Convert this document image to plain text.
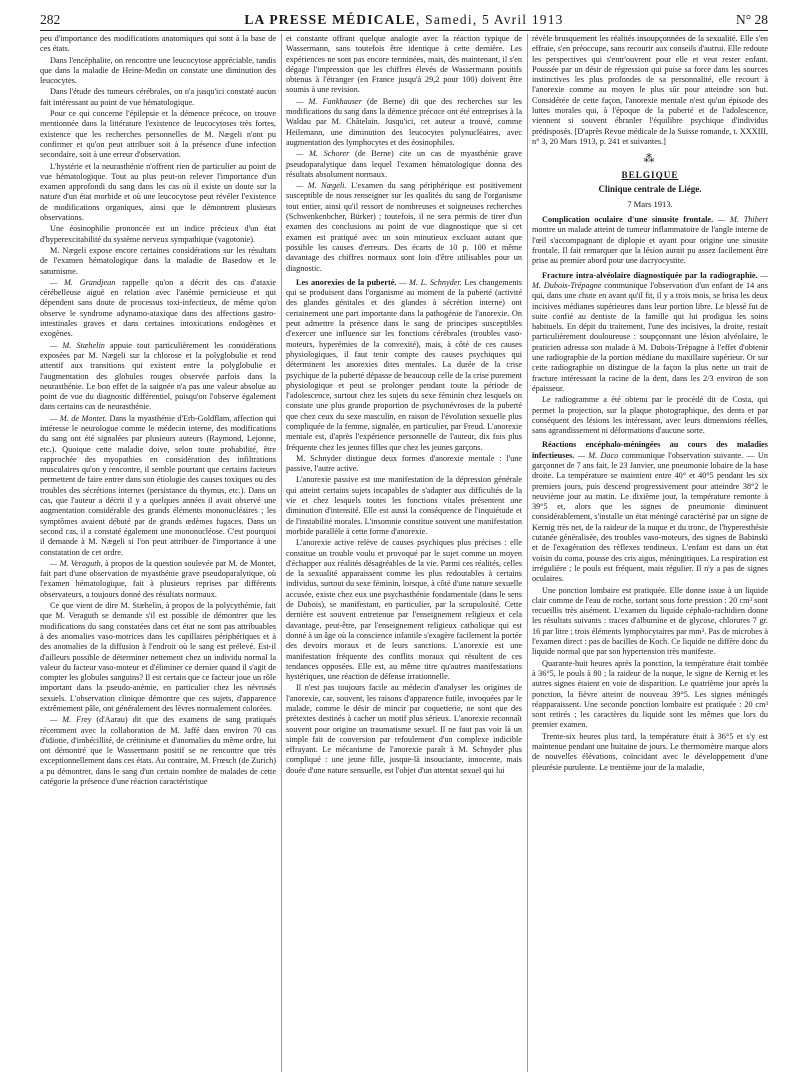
282	LA PRESSE MÉDICALE, Samedi, 5 Avril 1913	N° 28

peu d'importance des modifications anatomiques qui sont à la base de ces états.

Dans l'encéphalite, on rencontre une leucocytose appréciable, tandis que dans la maladie de Heine-Medin on constate une diminution des leucocytes.

Dans l'étude des tumeurs cérébrales, on n'a jusqu'ici constaté aucun fait intéressant au point de vue hématologique.

Pour ce qui concerne l'épilepsie et la démence précoce, on trouve mentionnée dans la littérature l'existence de leucocytoses très fortes, existence que les recherches personnelles de M. Nægeli n'ont pu confirmer et qu'on peut attribuer soit à la présence d'une infection secondaire, soit à une erreur d'observation.

L'hystérie et la neurasthénie n'offrent rien de particulier au point de vue hématologique. Tout au plus peut-on relever l'importance d'un examen approfondi du sang dans les cas où il existe un doute sur la nature d'un état morbide et où une leucocytose peut révéler l'existence de modifications organiques, ainsi que le démontrent plusieurs observations.

Une éosinophilie prononcée est un indice précieux d'un état d'hyperexcitabilité du système nerveux sympathique (vagotonie).

M. Nægeli expose encore certaines considérations sur les résultats de l'examen hématologique dans la maladie de Basedow et le saturnisme.

— M. Grandjean rappelle qu'on a décrit des cas d'ataxie cérébelleuse aiguë en relation avec l'anémie pernicieuse et qui dépendent sans doute de processus toxi-infectieux, de même qu'on observe le syndrome adynamo-ataxique dans des affections gastro-intestinales graves et dans certaines intoxications endogènes et exogènes.

— M. Stæhelin appuie tout particulièrement les considérations exposées par M. Nægeli sur la chlorose et la polyglobulie et rend attentif aux transitions qui existent entre la polyglobulie et l'augmentation des globules rouges observée parfois dans la neurasthénie. Le bon effet de la saignée n'a pas une valeur absolue au point de vue du diagnostic différentiel, puisqu'on l'observe également dans certains cas de neurasthénie.

— M. de Montet. Dans la myasthénie d'Erb-Goldflam, affection qui intéresse le neurologue comme le médecin interne, des modifications du sang ont été signalées par plusieurs auteurs (Raymond, Lejonne, etc.). Quoique cette maladie doive, selon toute probabilité, être rapprochée des myopathies en considération des infiltrations musculaires qu'on y rencontre, il semble pourtant que certains facteurs permettent de faire entrer dans son étiologie des causes toxiques ou des troubles des sécrétions internes (persistance du thymus, etc.). Dans un cas, que l'auteur a décrit il y a quelques années il avait observé une augmentation considérable des grands éléments mononucléaires ; les symptômes avaient débuté par de grands œdèmes fugaces. Dans un second cas, il a constaté également une mononucléose. C'est pourquoi il demande à M. Nægeli si l'on peut attribuer de l'importance à une constatation de cet ordre.

— M. Veraguth, à propos de la question soulevée par M. de Montet, fait part d'une observation de myasthénie grave pseudoparalytique, où l'examen hématologique, fait à plusieurs reprises par différents observateurs, a toujours donné des résultats normaux.

Ce que vient de dire M. Stæhelin, à propos de la polycythémie, fait que M. Veraguth se demande s'il est possible de démontrer que les modifications du sang constatées dans cet état ne sont pas attribuables à des anomalies vaso-motrices dans les capillaires périphériques et à des anomalies de la diffusion à l'endroit où le sang est prélevé. Est-il d'ailleurs possible de déterminer nettement chez un individu normal la valeur du facteur vaso-moteur et d'éliminer ce dernier quand il s'agit de compter les globules sanguins? Il est certain que ce facteur joue un rôle important dans la pseudo-anémie, en particulier chez les névrosés sexuels. L'observation clinique démontre que ces sujets, d'apparence extrêmement pâle, ont généralement des lèvres normalement colorées.

— M. Frey (d'Aarau) dit que des examens de sang pratiqués récemment avec la collaboration de M. Jaffé dans environ 70 cas d'idiotie, d'imbécillité, de crétinisme et d'anomalies du même ordre, lui ont démontré que le Wassermann positif se ne rencontre que très exceptionnellement dans ces états. Au contraire, M. Frœsch (de Zurich) a pu démontrer, dans le sang d'un certain nombre de malades de cette catégorie la présence d'une réaction caractéristique

et constante offrant quelque analogie avec la réaction typique de Wassermann, sans toutefois être identique à cette dernière. Les expériences ne sont pas encore terminées, mais, dès maintenant, il s'en dégage l'impression que les chiffres élevés de Wassermann positifs obtenus à l'étranger (en France jusqu'à 29,2 pour 100) doivent être soumis à une revision.

— M. Fankhauser (de Berne) dit que des recherches sur les modifications du sang dans la démence précoce ont été entreprises à la Waldau par M. Châtelain. Jusqu'ici, cet auteur a trouvé, comme Heilemann, une diminution des leucocytes polynucléaires, avec augmentation des lymphocytes et des éosinophiles.

— M. Schorer (de Berne) cite un cas de myasthénie grave pseudoparalytique dans lequel l'examen hématologique donna des résultats absolument normaux.

— M. Nægeli. L'examen du sang périphérique est positivement susceptible de nous renseigner sur les qualités du sang de l'organisme tout entier, ainsi qu'il ressort de nombreuses et soigneuses recherches (Schwenkenbcher, Bürker) ; toutefois, il ne sera permis de tirer d'un examen des conclusions au point de vue diagnostique que si cet examen est pratiqué avec un soin minutieux excluant autant que possible les causes d'erreurs. Des écarts de 10 p. 100 et même davantage des chiffres normaux sont loin d'être utilisables pour un diagnostic.

Les anorexies de la puberté. — M. L. Schnyder. Les changements qui se produisent dans l'organisme au moment de la puberté (activité des glandes génitales et des glandes à sécrétion interne) ont certainement une part importante dans la pathogénie de l'anorexie. On peut admettre la présence dans le sang de principes susceptibles d'exercer une influence sur les fonctions cérébrales (troubles vaso-moteurs, hyperémies de la convexité), mais, à côté de ces causes physiologiques, il faut tenir compte des causes psychiques qui déterminent les anorexies dites mentales. La durée de la crise psychique de la puberté dépasse de beaucoup celle de la crise purement physiologique et peut se prolonger pendant toute la période de l'adolescence, surtout chez les sujets du sexe féminin chez lesquels on constate une plus grande proportion de psychonévroses de la puberté que chez ceux du sexe masculin, en raison de l'évolution sexuelle plus compliquée de la femme, signalée, en particulier, par Freud. L'anorexie mentale est, d'après l'expérience personnelle de l'auteur, dix fois plus fréquente chez les jeunes filles que chez les jeunes garçons.

M. Schnyder distingue deux formes d'anorexie mentale : l'une passive, l'autre active.

L'anorexie passive est une manifestation de la dépression générale qui atteint certains sujets incapables de s'adapter aux difficultés de la vie et chez lesquels toutes les fonctions vitales présentent une diminution d'intensité. Elle est aussi la conséquence de l'inquiétude et de l'instabilité morales. L'insomnie constitue souvent une manifestation morbide parallèle à cette forme d'anorexie.

L'anorexie active relève de causes psychiques plus précises : elle constitue un trouble voulu et provoqué par le sujet comme un moyen d'échapper aux réalités désagréables de la vie. Parmi ces réalités, celles de la sexualité apparaissent comme les plus redoutables à certains individus, surtout du sexe féminin, lorsque, à côté d'une nature sexuelle accusée, existe chez eux une psychasthénie fondamentale (dans le sens de Dubois), se manifestant, en particulier, par la scrupulosité. Cette dernière est souvent entretenue par l'enseignement religieux et cela davantage, peut-être, par l'enseignement religieux catholique qui est donné à un âge où la conscience infantile s'exagère facilement la portée des devoirs moraux et de leurs sanctions. L'anorexie est une manifestation fréquente des conflits moraux qui résultent de ces tendances opposées. Elle est, au même titre qu'autres manifestations hystériques, une réaction de défense irrationnelle.

Il n'est pas toujours facile au médecin d'analyser les origines de l'anorexie, car, souvent, les raisons d'apparence futile, invoquées par le malade, comme le désir de mincir par coquetterie, ne sont que des prétextes destinés à cacher un motif plus sérieux. L'anorexie reconnaît souvent pour origine un traumatisme sexuel. Il ne faut pas voir là un simple fait de conversion par refoulement d'un complexe indicible effrayant. Le mécanisme de l'anorexie paraît à M. Schnyder plus compliqué : une jeune fille, jusque-là insouciante, innocente, mais douée d'une nature sensuelle, est l'objet d'un attentat sexuel qui lui

révèle brusquement les réalités insoupçonnées de la sexualité. Elle s'en effraie, s'en préoccupe, sans recourir aux conseils d'autrui. Elle redoute les perspectives qui s'entr'ouvrent pour elle et veut rester enfant. Poussée par un désir de régression qui puise sa force dans les sources instinctives les plus profondes de sa personnalité, elle recourt à l'anorexie comme au moyen le plus sûr pour atteindre son but. Considérée de cette façon, l'anorexie mentale n'est qu'un épisode des luttes morales qui, à l'époque de la puberté et de l'adolescence, viennent si souvent ébranler l'équilibre psychique d'individus prédisposés. [D'après Revue médicale de la Suisse romande, t. XXXIII, n° 3, 20 Mars 1913, p. 241 et suivantes.]

⁂
BELGIQUE
Clinique centrale de Liége.
7 Mars 1913.

Complication oculaire d'une sinusite frontale. — M. Thibert montre un malade atteint de tumeur inflammatoire de l'angle interne de l'œil s'accompagnant de diplopie et ayant pour origine une sinusite frontale. Il fait remarquer que la lésion aurait pu assez facilement être prise au premier abord pour une dacryocystite.

Fracture intra-alvéolaire diagnostiquée par la radiographie. — M. Dubois-Trépagne communique l'observation d'un enfant de 14 ans qui, dans une chute en avant qu'il fit, il y a trois mois, se brisa les deux incisives médianes supérieures dans leur portion libre. Le blessé fut de suite confié au dentiste de la famille qui lui prodigua les soins habituels. En dépit du traitement, l'une des incisives, la droite, restait particulièrement douloureuse : soupçonnant une lésion alvéolaire, le praticien adressa son malade à M. Dubois-Trépagne à l'effet d'obtenir une radiographie de la portion médiane du maxillaire supérieur. Or sur cette radiographie on distingue de la façon la plus nette un trait de fracture intéressant la racine de la dent, dans les 2/3 environ de son épaisseur.

Le radiogramme a été obtenu par le procédé dit de Costa, qui permet la projection, sur la plaque photographique, des dents et par conséquent des lésions les intéressant, avec leurs dimensions réelles, sans agrandissement ni déformations d'aucune sorte.

Réactions encéphalo-méningées au cours des maladies infectieuses. — M. Daco communique l'observation suivante. — Un garçonnet de 7 ans fait, le 23 Janvier, une pneumonie lobaire de la base droite. La température se maintient entre 40° et 40°5 pendant les six premiers jours, puis descend progressivement pour atteindre 38°2 le neuvième jour au matin. Le dixième jour, la température remonte à 39°5 et, alors que les signes de pneumonie diminuent considérablement, s'installe un état méningé caractérisé par un signe de Kernig très net, de la raideur de la nuque et du tronc, de l'hyperesthésie cutanée généralisée, des troubles vaso-moteurs, des signes de Babinski et de l'exagération des réflexes tendineux. L'enfant est dans un état voisin du coma, pousse des cris aigus, méningitiques. La respiration est irrégulière ; le pouls est fréquent, mais régulier. Il n'y a pas de signes oculaires.

Une ponction lombaire est pratiquée. Elle donne issue à un liquide clair comme de l'eau de roche, sortant sous forte pression : 20 cm³ sont recueillis très aisément. L'examen du liquide céphalo-rachidien donne les résultats suivants : traces d'albumine et de glycose, chlorures 7 gr. 16 par litre ; trois éléments lymphocytaires par mm³. Pas de microbes à l'examen direct : pas de bacilles de Koch. Ce liquide ne diffère donc du liquide normal que par son hypertension très manifeste.

Quarante-huit heures après la ponction, la température était tombée à 36°5, le pouls à 80 ; la raideur de la nuque, le signe de Kernig et les autres signes étaient en voie de disparition. Le quatrième jour après la ponction, la fièvre atteint de nouveau 39°5. Les signes méningés réapparaissent. Une seconde ponction lombaire est pratiquée : 20 cm³ sont retirés ; les caractères du liquide sont les mêmes que lors du premier examen.

Trente-six heures plus tard, la température était à 36°5 et s'y est maintenue pendant une huitaine de jours. Le thermomètre marque alors de nouvelles élévations, coïncidant avec le développement d'une pleurésie purulente. Le trentième jour de la maladie,
